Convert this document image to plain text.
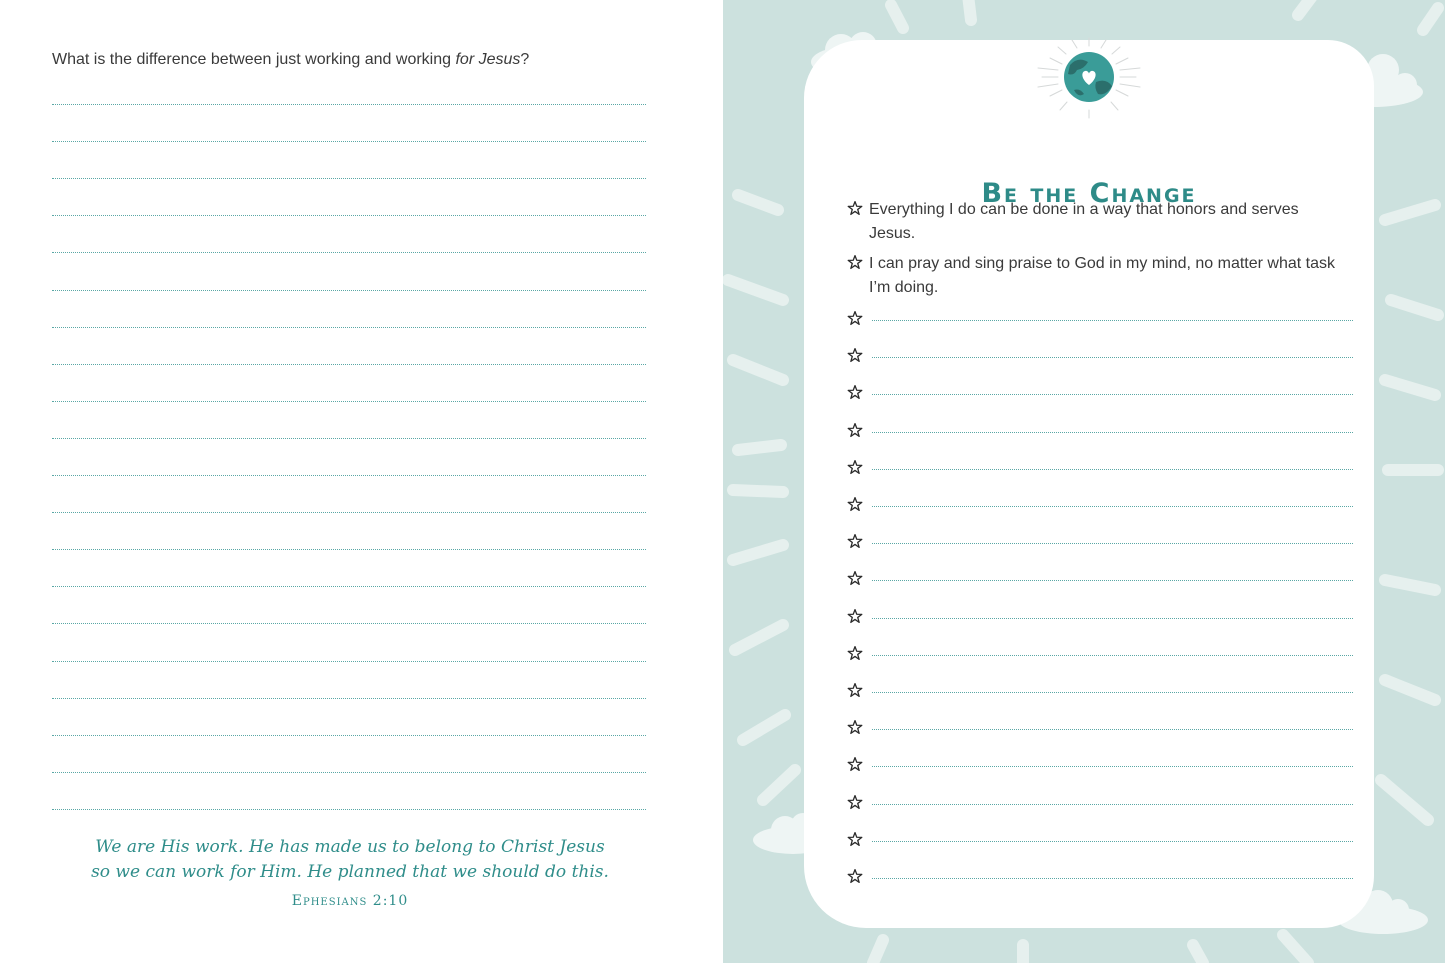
What is the difference between just working and working for Jesus?

We are His work. He has made us to belong to Christ Jesus
so we can work for Him. He planned that we should do this.

Ephesians 2:10

Be the Change

Everything I do can be done in a way that honors and serves
Jesus.

I can pray and sing praise to God in my mind, no matter what task
I’m doing.
